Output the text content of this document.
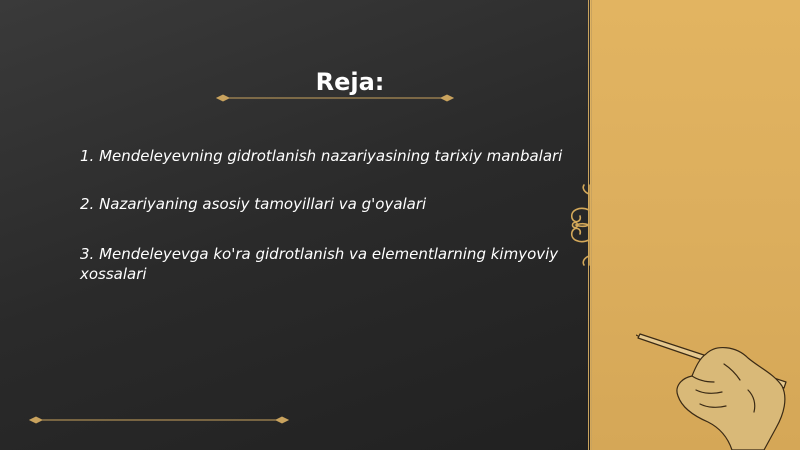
Reja:
1. Mendeleyevning gidrotlanish nazariyasining tarixiy manbalari
2. Nazariyaning asosiy tamoyillari va g'oyalari
3. Mendeleyevga ko'ra gidrotlanish va elementlarning kimyoviy xossalari
